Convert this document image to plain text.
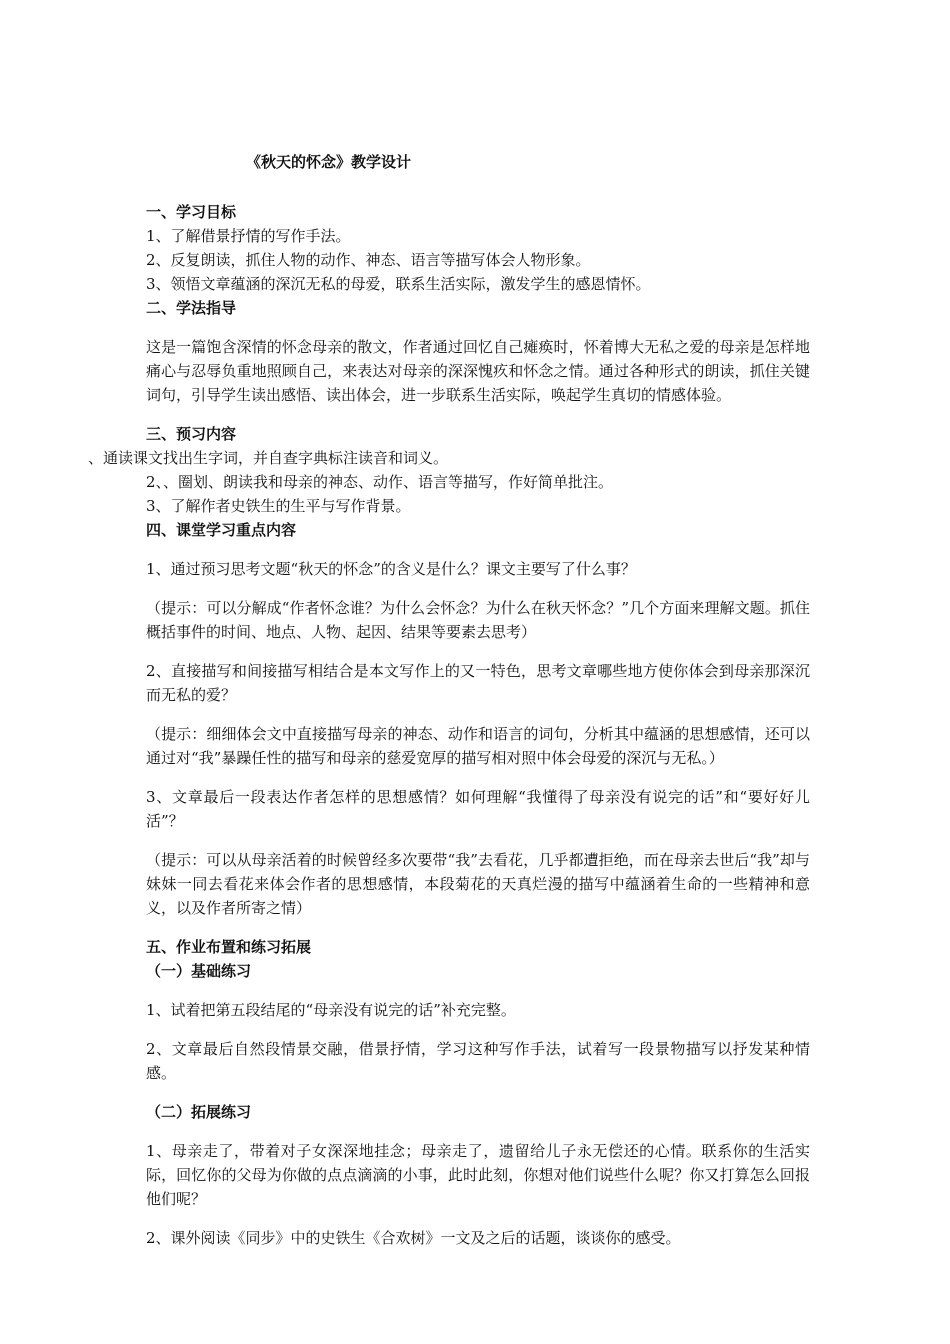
《秋天的怀念》教学设计

一、学习目标

1、了解借景抒情的写作手法。

2、反复朗读，抓住人物的动作、神态、语言等描写体会人物形象。

3、领悟文章蕴涵的深沉无私的母爱，联系生活实际，激发学生的感恩情怀。

二、学法指导

这是一篇饱含深情的怀念母亲的散文，作者通过回忆自己瘫痪时，怀着博大无私之爱的母亲是怎样地痛心与忍辱负重地照顾自己，来表达对母亲的深深愧疚和怀念之情。通过各种形式的朗读，抓住关键词句，引导学生读出感悟、读出体会，进一步联系生活实际，唤起学生真切的情感体验。

三、预习内容

、通读课文找出生字词，并自查字典标注读音和词义。

2、、圈划、朗读我和母亲的神态、动作、语言等描写，作好简单批注。

3、了解作者史铁生的生平与写作背景。

四、课堂学习重点内容

1、通过预习思考文题“秋天的怀念”的含义是什么？课文主要写了什么事？

（提示：可以分解成“作者怀念谁？为什么会怀念？为什么在秋天怀念？”几个方面来理解文题。抓住概括事件的时间、地点、人物、起因、结果等要素去思考）

2、直接描写和间接描写相结合是本文写作上的又一特色，思考文章哪些地方使你体会到母亲那深沉而无私的爱？

（提示：细细体会文中直接描写母亲的神态、动作和语言的词句，分析其中蕴涵的思想感情，还可以通过对“我”暴躁任性的描写和母亲的慈爱宽厚的描写相对照中体会母爱的深沉与无私。）

3、文章最后一段表达作者怎样的思想感情？如何理解“我懂得了母亲没有说完的话”和“要好好儿活”？

（提示：可以从母亲活着的时候曾经多次要带“我”去看花，几乎都遭拒绝，而在母亲去世后“我”却与妹妹一同去看花来体会作者的思想感情，本段菊花的天真烂漫的描写中蕴涵着生命的一些精神和意义，以及作者所寄之情）

五、作业布置和练习拓展

（一）基础练习

1、试着把第五段结尾的“母亲没有说完的话”补充完整。

2、文章最后自然段情景交融，借景抒情，学习这种写作手法，试着写一段景物描写以抒发某种情感。

（二）拓展练习

1、母亲走了，带着对子女深深地挂念；母亲走了，遗留给儿子永无偿还的心情。联系你的生活实际，回忆你的父母为你做的点点滴滴的小事，此时此刻，你想对他们说些什么呢？你又打算怎么回报他们呢？

2、课外阅读《同步》中的史铁生《合欢树》一文及之后的话题，谈谈你的感受。
